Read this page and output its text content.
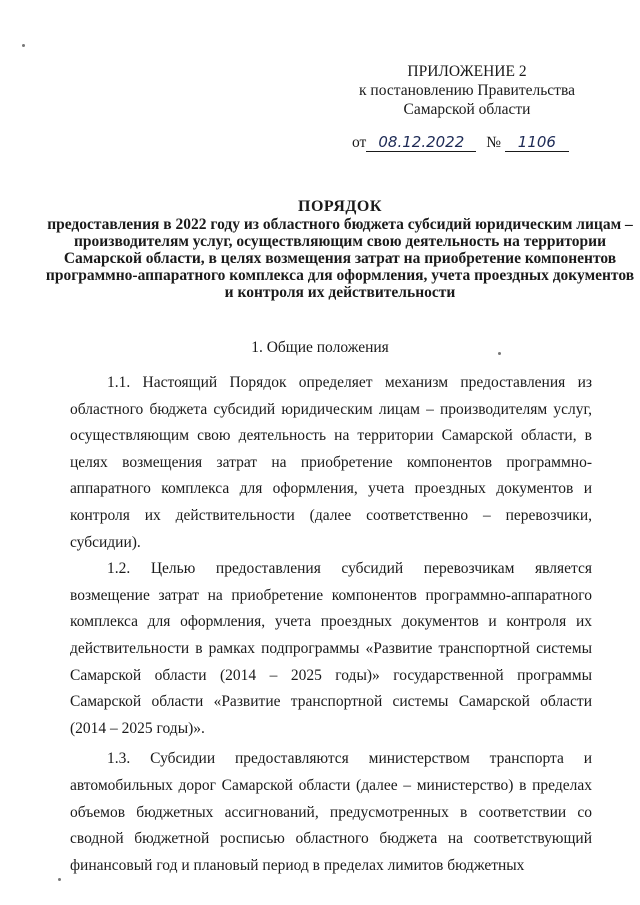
ПРИЛОЖЕНИЕ 2
к постановлению Правительства
Самарской области
от 08.12.2022 № 1106
ПОРЯДОК
предоставления в 2022 году из областного бюджета субсидий юридическим лицам – производителям услуг, осуществляющим свою деятельность на территории Самарской области, в целях возмещения затрат на приобретение компонентов программно-аппаратного комплекса для оформления, учета проездных документов и контроля их действительности
1. Общие положения

1.1. Настоящий Порядок определяет механизм предоставления из областного бюджета субсидий юридическим лицам – производителям услуг, осуществляющим свою деятельность на территории Самарской области, в целях возмещения затрат на приобретение компонентов программно-аппаратного комплекса для оформления, учета проездных документов и контроля их действительности (далее соответственно – перевозчики, субсидии).

1.2. Целью предоставления субсидий перевозчикам является возмещение затрат на приобретение компонентов программно-аппаратного комплекса для оформления, учета проездных документов и контроля их действительности в рамках подпрограммы «Развитие транспортной системы Самарской области (2014 – 2025 годы)» государственной программы Самарской области «Развитие транспортной системы Самарской области (2014 – 2025 годы)».

1.3. Субсидии предоставляются министерством транспорта и автомобильных дорог Самарской области (далее – министерство) в пределах объемов бюджетных ассигнований, предусмотренных в соответствии со сводной бюджетной росписью областного бюджета на соответствующий финансовый год и плановый период в пределах лимитов бюджетных
